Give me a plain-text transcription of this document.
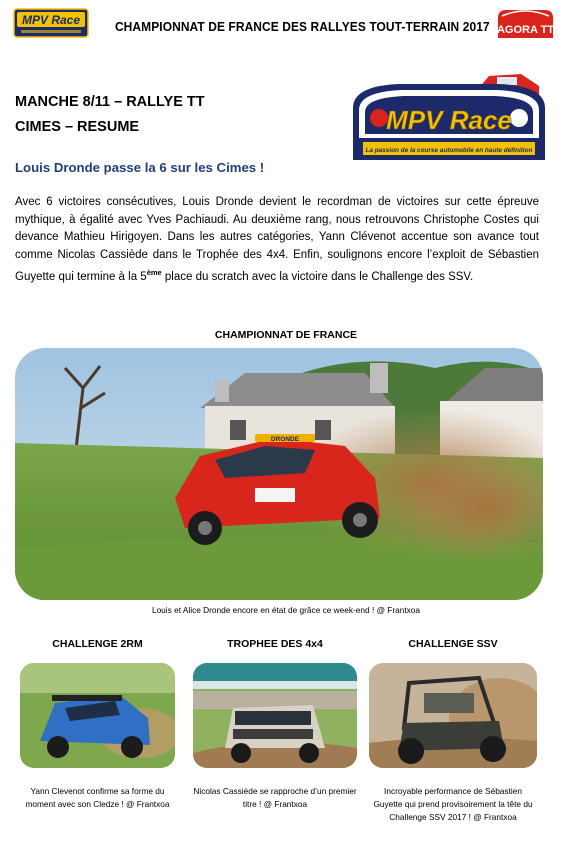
MPV Race	CHAMPIONNAT DE FRANCE DES RALLYES TOUT-TERRAIN 2017 AGORA TT
MANCHE 8/11 – RALLYE TT
CIMES – RESUME	MPV Race
La passion de la course automobile en haute définition
Louis Dronde passe la 6 sur les Cimes !

Avec 6 victoires consécutives, Louis Dronde devient le recordman de victoires sur cette épreuve mythique, à égalité avec Yves Pachiaudi. Au deuxième rang, nous retrouvons Christophe Costes qui devance Mathieu Hirigoyen. Dans les autres catégories, Yann Clévenot accentue son avance tout comme Nicolas Cassiède dans le Trophée des 4x4. Enfin, soulignons encore l’exploit de Sébastien Guyette qui termine à la 5ème place du scratch avec la victoire dans le Challenge des SSV.

CHAMPIONNAT DE FRANCE
DRONDE
Louis et Alice Dronde encore en état de grâce ce week-end ! @ Frantxoa
CHALLENGE 2RM
Yann Clevenot confirme sa forme du moment avec son Cledze ! @ Frantxoa
TROPHEE DES 4x4
Nicolas Cassiède se rapproche d’un premier titre ! @ Frantxoa
CHALLENGE SSV
Incroyable performance de Sébastien Guyette qui prend provisoirement la tête du Challenge SSV 2017 ! @ Frantxoa
